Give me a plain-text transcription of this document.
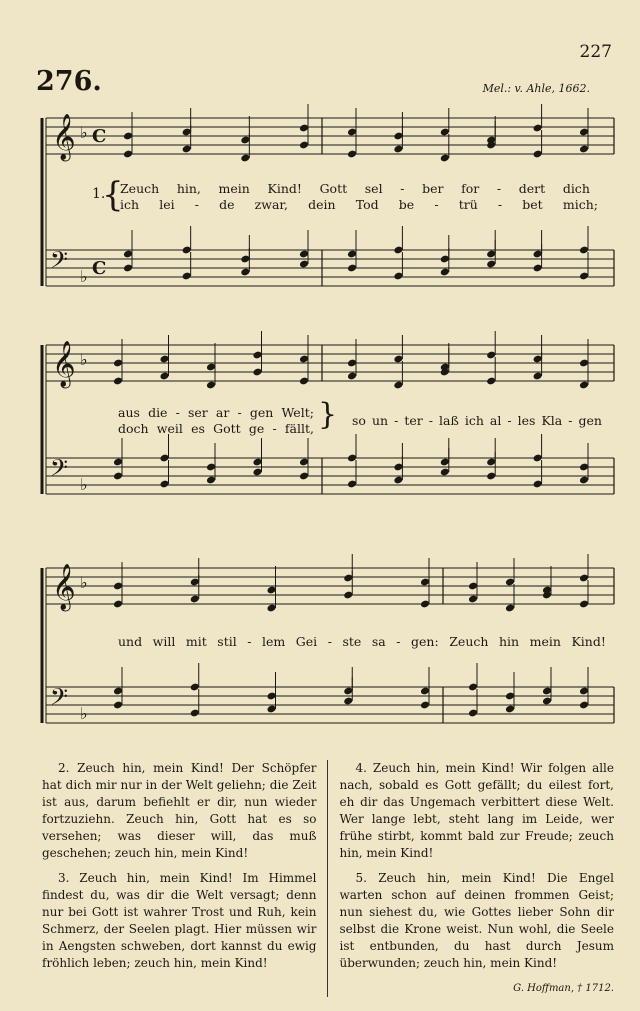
227
276.	Mel.: v. Ahle, 1662.
𝄞
𝄢
♭
♭
C
C
𝄞
𝄢
♭
♭
𝄞
𝄢
♭
♭
1.
{
Zeuch hin, mein Kind! Gott sel - ber for - dert dich
ich lei - de zwar, dein Tod be - trü - bet mich;
aus die - ser ar - gen Welt;
doch weil es Gott ge - fällt, } so un - ter - laß ich al - les Kla - gen
und will mit stil - lem Gei - ste sa - gen: Zeuch hin mein Kind!

2. Zeuch hin, mein Kind! Der Schöpfer hat dich mir nur in der Welt geliehn; die Zeit ist aus, darum befiehlt er dir, nun wieder fortzuziehn. Zeuch hin, Gott hat es so versehen; was dieser will, das muß geschehen; zeuch hin, mein Kind!

3. Zeuch hin, mein Kind! Im Himmel findest du, was dir die Welt versagt; denn nur bei Gott ist wahrer Trost und Ruh, kein Schmerz, der Seelen plagt. Hier müssen wir in Aengsten schweben, dort kannst du ewig fröhlich leben; zeuch hin, mein Kind!

4. Zeuch hin, mein Kind! Wir folgen alle nach, sobald es Gott gefällt; du eilest fort, eh dir das Ungemach verbittert diese Welt. Wer lange lebt, steht lang im Leide, wer frühe stirbt, kommt bald zur Freude; zeuch hin, mein Kind!

5. Zeuch hin, mein Kind! Die Engel warten schon auf deinen frommen Geist; nun siehest du, wie Gottes lieber Sohn dir selbst die Krone weist. Nun wohl, die Seele ist entbunden, du hast durch Jesum überwunden; zeuch hin, mein Kind!

G. Hoffman, † 1712.
